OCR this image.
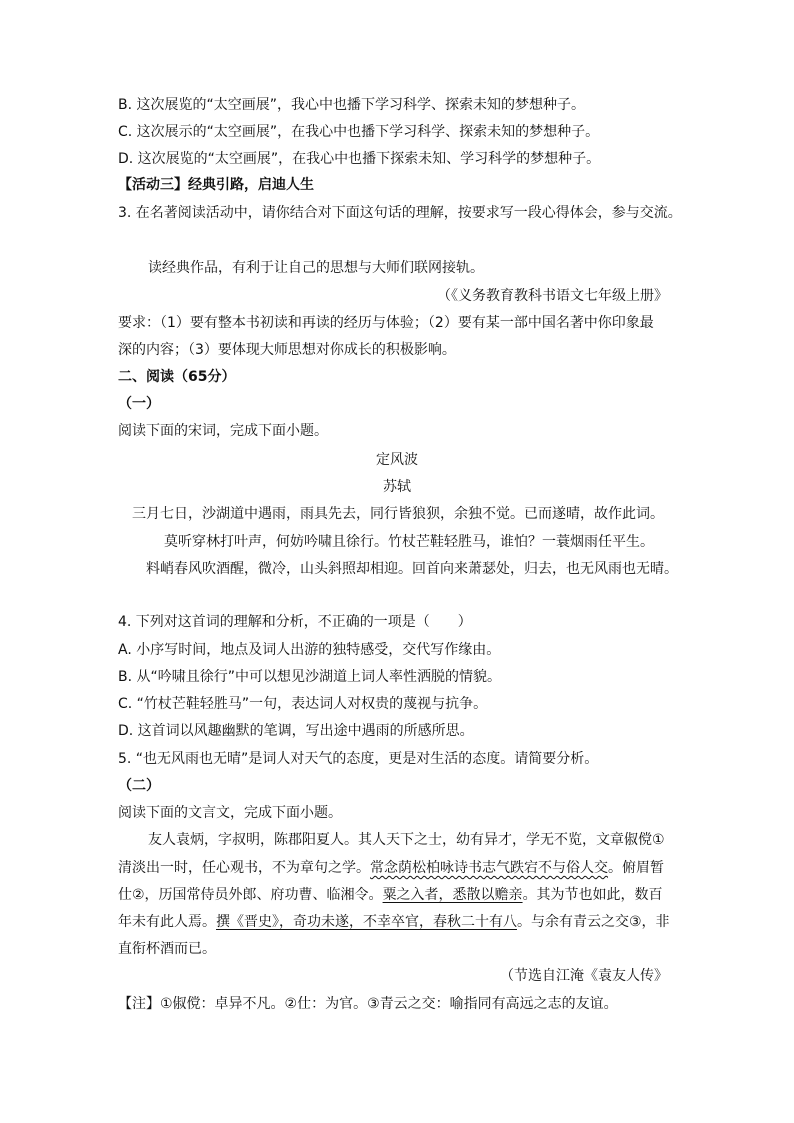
B. 这次展览的“太空画展”，我心中也播下学习科学、探索未知的梦想种子。
C. 这次展示的“太空画展”，在我心中也播下学习科学、探索未知的梦想种子。
D. 这次展览的“太空画展”，在我心中也播下探索未知、学习科学的梦想种子。
【活动三】经典引路，启迪人生
3. 在名著阅读活动中，请你结合对下面这句话的理解，按要求写一段心得体会，参与交流。
读经典作品，有利于让自己的思想与大师们联网接轨。
（《义务教育教科书语文七年级上册》
要求：（1）要有整本书初读和再读的经历与体验；（2）要有某一部中国名著中你印象最
深的内容；（3）要体现大师思想对你成长的积极影响。
二、阅读（65分）
（一）
阅读下面的宋词，完成下面小题。
定风波
苏轼
三月七日，沙湖道中遇雨，雨具先去，同行皆狼狈，余独不觉。已而遂晴，故作此词。
莫听穿林打叶声，何妨吟啸且徐行。竹杖芒鞋轻胜马，谁怕？一蓑烟雨任平生。
料峭春风吹酒醒，微冷，山头斜照却相迎。回首向来萧瑟处，归去，也无风雨也无晴。
4. 下列对这首词的理解和分析，不正确的一项是（　　）
A. 小序写时间，地点及词人出游的独特感受，交代写作缘由。
B. 从“吟啸且徐行”中可以想见沙湖道上词人率性洒脱的情貌。
C. “竹杖芒鞋轻胜马”一句，表达词人对权贵的蔑视与抗争。
D. 这首词以风趣幽默的笔调，写出途中遇雨的所感所思。
5. “也无风雨也无晴”是词人对天气的态度，更是对生活的态度。请简要分析。
（二）
阅读下面的文言文，完成下面小题。
友人袁炳，字叔明，陈郡阳夏人。其人天下之士，幼有异才，学无不览，文章俶傥①
清淡出一时，任心观书，不为章句之学。常念荫松柏咏诗书志气跌宕不与俗人交。俯眉暂
仕②，历国常侍员外郎、府功曹、临湘令。粟之入者，悉散以赡亲。其为节也如此，数百
年未有此人焉。撰《晋史》，奇功未遂，不幸卒官，春秋二十有八。与余有青云之交③，非
直衔杯酒而已。
（节选自江淹《袁友人传》
【注】①俶傥：卓异不凡。②仕：为官。③青云之交：喻指同有高远之志的友谊。
